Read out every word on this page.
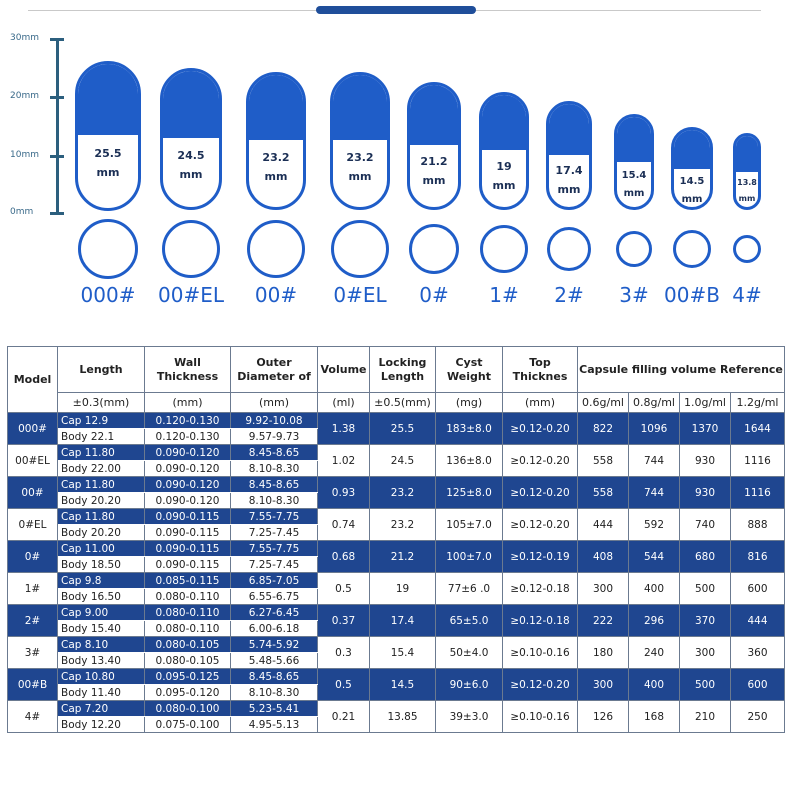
30mm
20mm
10mm
0mm
25.5
mm
000#
24.5
mm
00#EL
23.2
mm
00#
23.2
mm
0#EL
21.2
mm
0#
19
mm
1#
17.4
mm
2#
15.4
mm
3#
14.5
mm
00#B
13.8
mm
4#
Model	Length	Wall Thickness	Outer Diameter of	Volume	Locking Length	Cyst Weight	Top Thicknes	Capsule filling volume Reference			
	±0.3(mm)	(mm)	(mm)	(ml)	±0.5(mm)	(mg)	(mm)	0.6g/ml	0.8g/ml	1.0g/ml	1.2g/ml
000#	Cap 12.9	0.120-0.130	9.92-10.08	1.38	25.5	183±8.0	≥0.12-0.20	822	1096	1370	1644
	Body 22.1	0.120-0.130	9.57-9.73								
00#EL	Cap 11.80	0.090-0.120	8.45-8.65	1.02	24.5	136±8.0	≥0.12-0.20	558	744	930	1116
	Body 22.00	0.090-0.120	8.10-8.30								
00#	Cap 11.80	0.090-0.120	8.45-8.65	0.93	23.2	125±8.0	≥0.12-0.20	558	744	930	1116
	Body 20.20	0.090-0.120	8.10-8.30								
0#EL	Cap 11.80	0.090-0.115	7.55-7.75	0.74	23.2	105±7.0	≥0.12-0.20	444	592	740	888
	Body 20.20	0.090-0.115	7.25-7.45								
0#	Cap 11.00	0.090-0.115	7.55-7.75	0.68	21.2	100±7.0	≥0.12-0.19	408	544	680	816
	Body 18.50	0.090-0.115	7.25-7.45								
1#	Cap 9.8	0.085-0.115	6.85-7.05	0.5	19	77±6 .0	≥0.12-0.18	300	400	500	600
	Body 16.50	0.080-0.110	6.55-6.75								
2#	Cap 9.00	0.080-0.110	6.27-6.45	0.37	17.4	65±5.0	≥0.12-0.18	222	296	370	444
	Body 15.40	0.080-0.110	6.00-6.18								
3#	Cap 8.10	0.080-0.105	5.74-5.92	0.3	15.4	50±4.0	≥0.10-0.16	180	240	300	360
	Body 13.40	0.080-0.105	5.48-5.66								
00#B	Cap 10.80	0.095-0.125	8.45-8.65	0.5	14.5	90±6.0	≥0.12-0.20	300	400	500	600
	Body 11.40	0.095-0.120	8.10-8.30								
4#	Cap 7.20	0.080-0.100	5.23-5.41	0.21	13.85	39±3.0	≥0.10-0.16	126	168	210	250
	Body 12.20	0.075-0.100	4.95-5.13								
